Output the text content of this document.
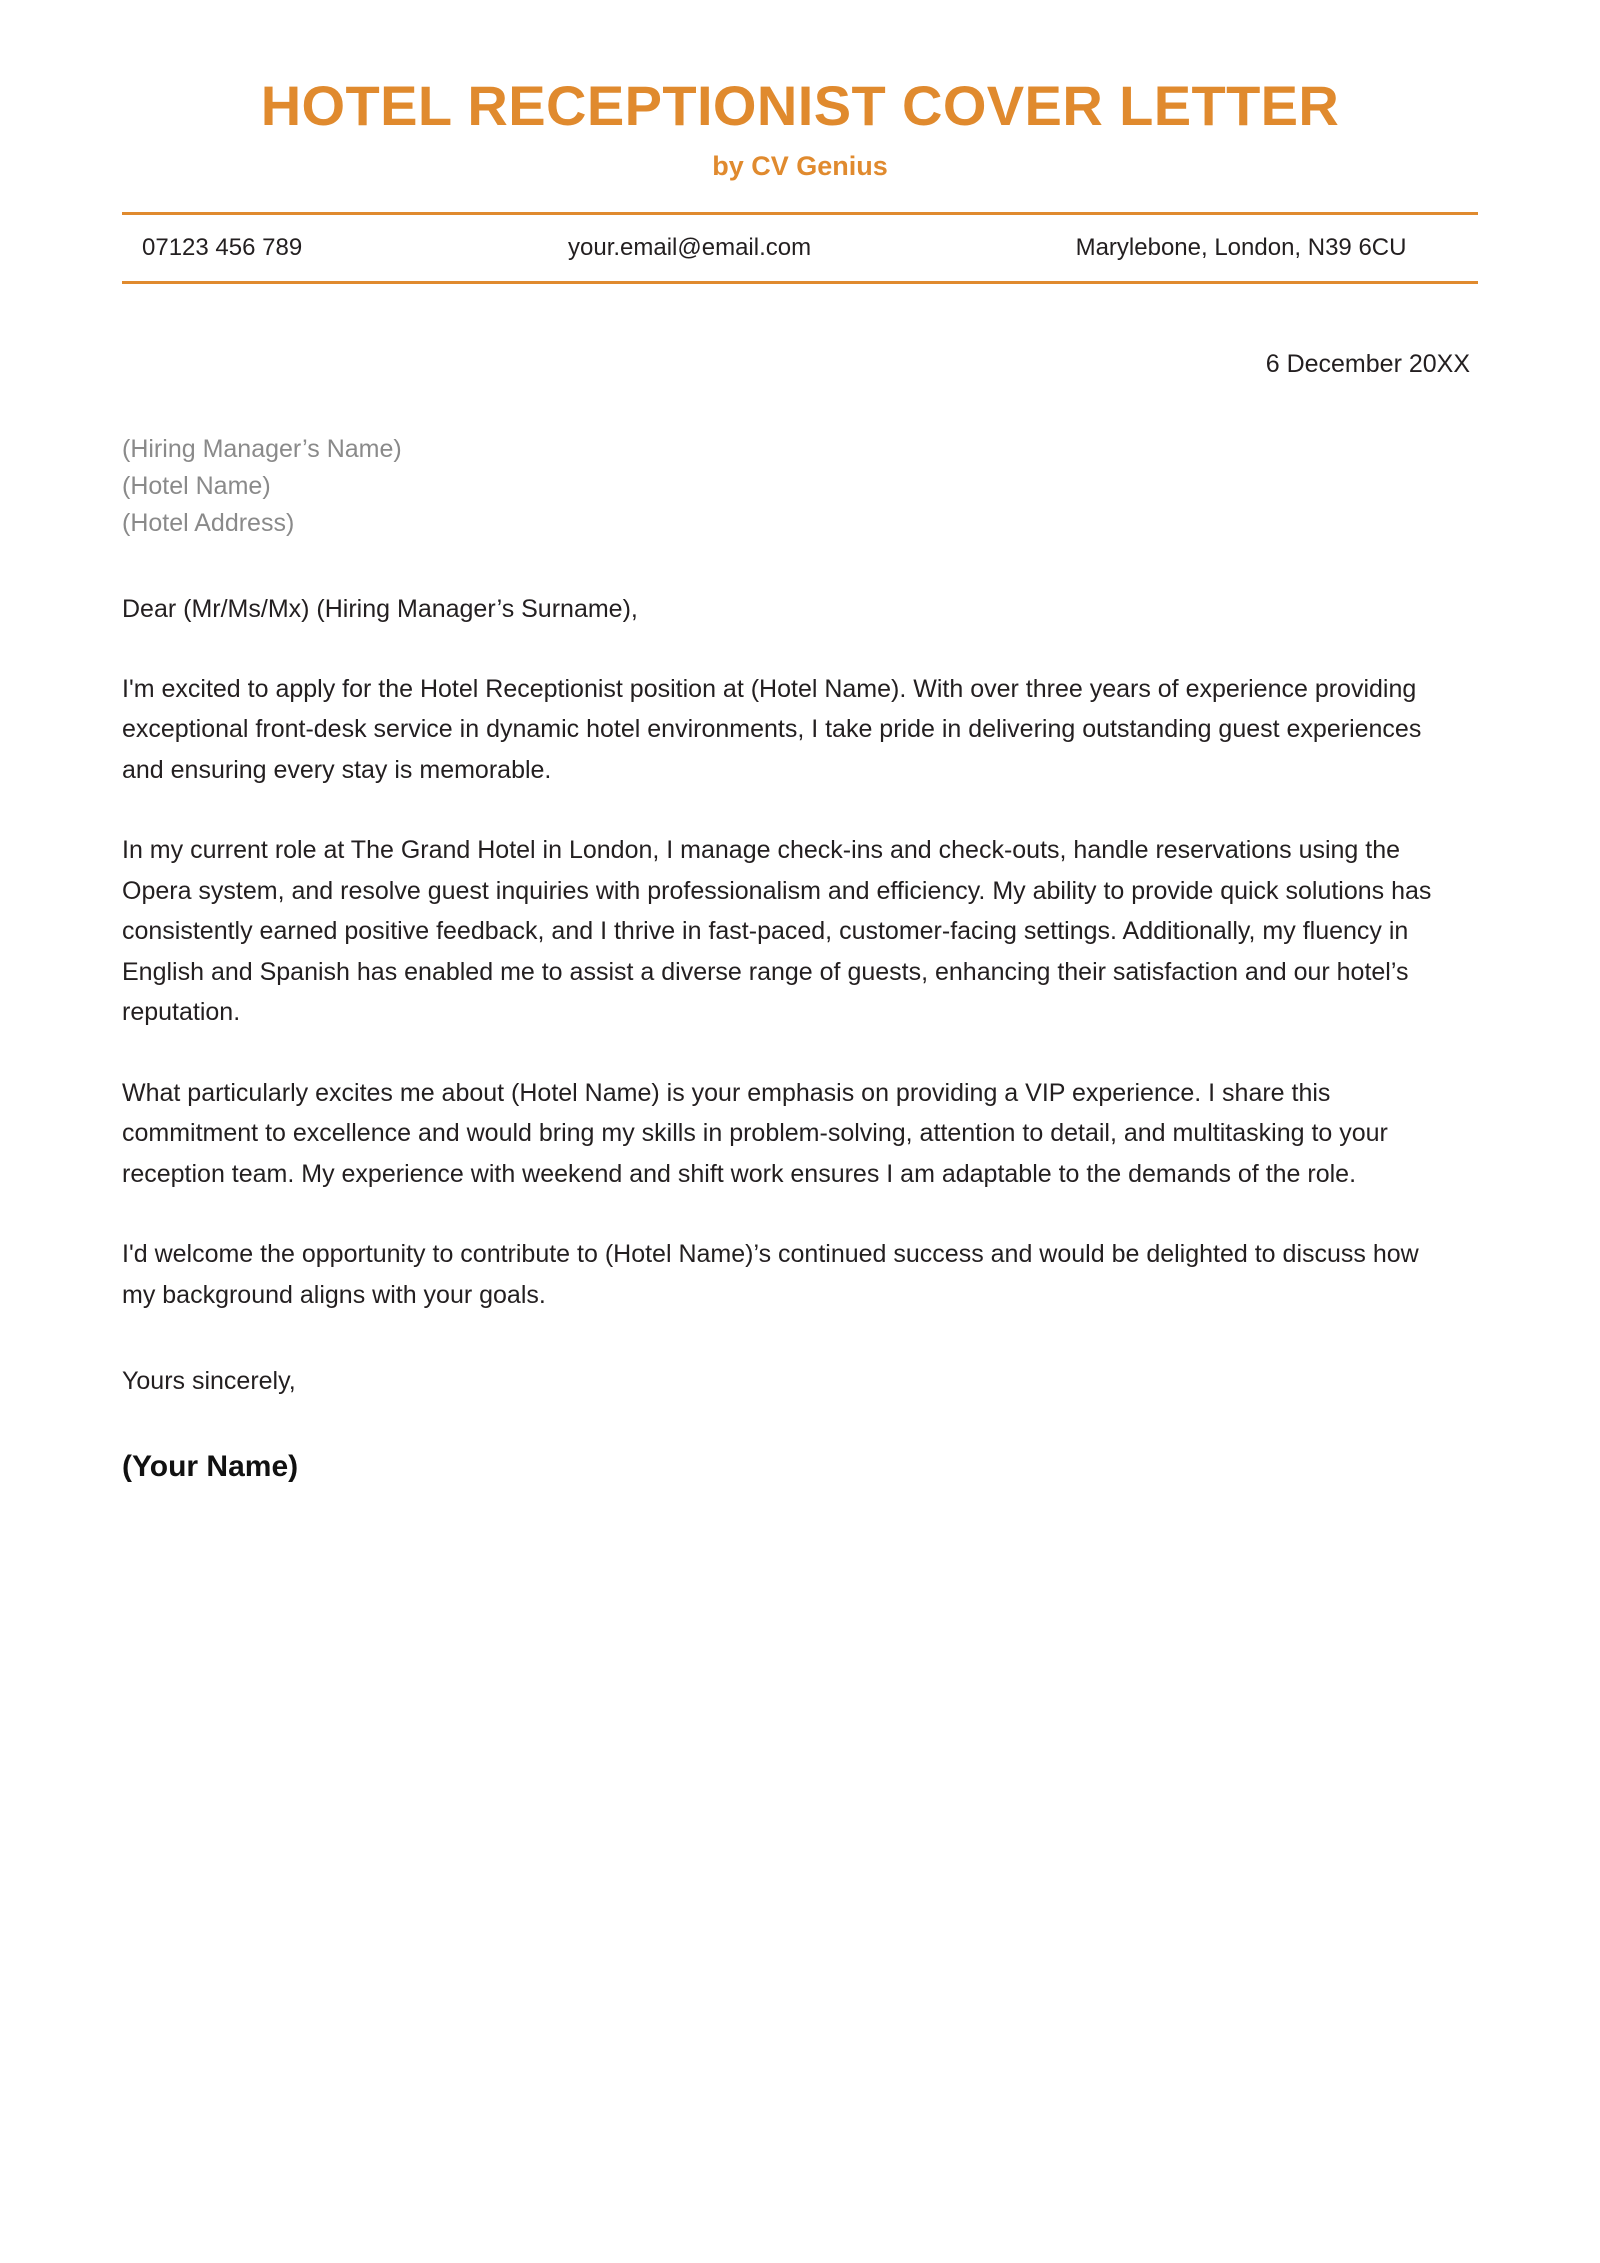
HOTEL RECEPTIONIST COVER LETTER

by CV Genius

07123 456 789	your.email@email.com	Marylebone, London, N39 6CU
6 December 20XX
(Hiring Manager’s Name)
(Hotel Name)
(Hotel Address)
Dear (Mr/Ms/Mx) (Hiring Manager’s Surname),

I'm excited to apply for the Hotel Receptionist position at (Hotel Name). With over three years of experience providing exceptional front-desk service in dynamic hotel environments, I take pride in delivering outstanding guest experiences and ensuring every stay is memorable.

In my current role at The Grand Hotel in London, I manage check-ins and check-outs, handle reservations using the Opera system, and resolve guest inquiries with professionalism and efficiency. My ability to provide quick solutions has consistently earned positive feedback, and I thrive in fast-paced, customer-facing settings. Additionally, my fluency in English and Spanish has enabled me to assist a diverse range of guests, enhancing their satisfaction and our hotel’s reputation.

What particularly excites me about (Hotel Name) is your emphasis on providing a VIP experience. I share this commitment to excellence and would bring my skills in problem-solving, attention to detail, and multitasking to your reception team. My experience with weekend and shift work ensures I am adaptable to the demands of the role.

I'd welcome the opportunity to contribute to (Hotel Name)’s continued success and would be delighted to discuss how my background aligns with your goals.

Yours sincerely,
(Your Name)
